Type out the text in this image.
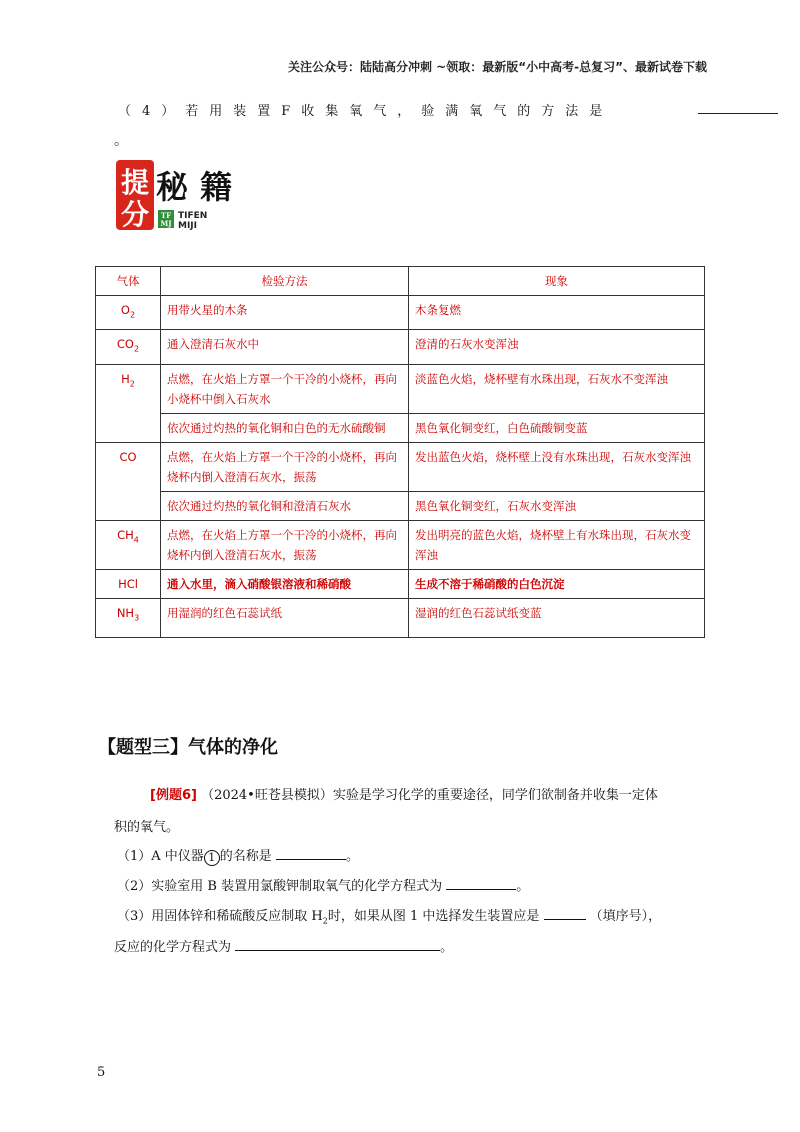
关注公众号：陆陆高分冲刺 ~领取：最新版“小中高考-总复习”、最新试卷下载
（4）若用装置F收集氧气，验满氧气的方法是
。
提
分
秘 籍
TF
MJ
TIFEN
MIJI
气体	检验方法	现象
$O_2$	用带火星的木条	木条复燃
$CO_2$	通入澄清石灰水中	澄清的石灰水变浑浊
$H_2$	点燃，在火焰上方罩一个干冷的小烧杯，再向小烧杯中倒入石灰水	淡蓝色火焰，烧杯壁有水珠出现，石灰水不变浑浊
	依次通过灼热的氧化铜和白色的无水硫酸铜	黑色氧化铜变红，白色硫酸铜变蓝
CO	点燃，在火焰上方罩一个干冷的小烧杯，再向烧杯内倒入澄清石灰水，振荡	发出蓝色火焰，烧杯壁上没有水珠出现，石灰水变浑浊
	依次通过灼热的氧化铜和澄清石灰水	黑色氧化铜变红，石灰水变浑浊
$CH_4$	点燃，在火焰上方罩一个干冷的小烧杯，再向烧杯内倒入澄清石灰水，振荡	发出明亮的蓝色火焰，烧杯壁上有水珠出现，石灰水变浑浊
HCl	通入水里，滴入硝酸银溶液和稀硝酸	生成不溶于稀硝酸的白色沉淀
$NH_3$	用湿润的红色石蕊试纸	湿润的红色石蕊试纸变蓝
【题型三】气体的净化
[例题6] （2024•旺苍县模拟）实验是学习化学的重要途径，同学们欲制备并收集一定体
积的氧气。
（1）A 中仪器 1 的名称是	。
（2）实验室用 B 装置用氯酸钾制取氧气的化学方程式为	。
（3）用固体锌和稀硫酸反应制取 $H_2$时，如果从图 1 中选择发生装置应是	（填序号），
反应的化学方程式为	。
5
